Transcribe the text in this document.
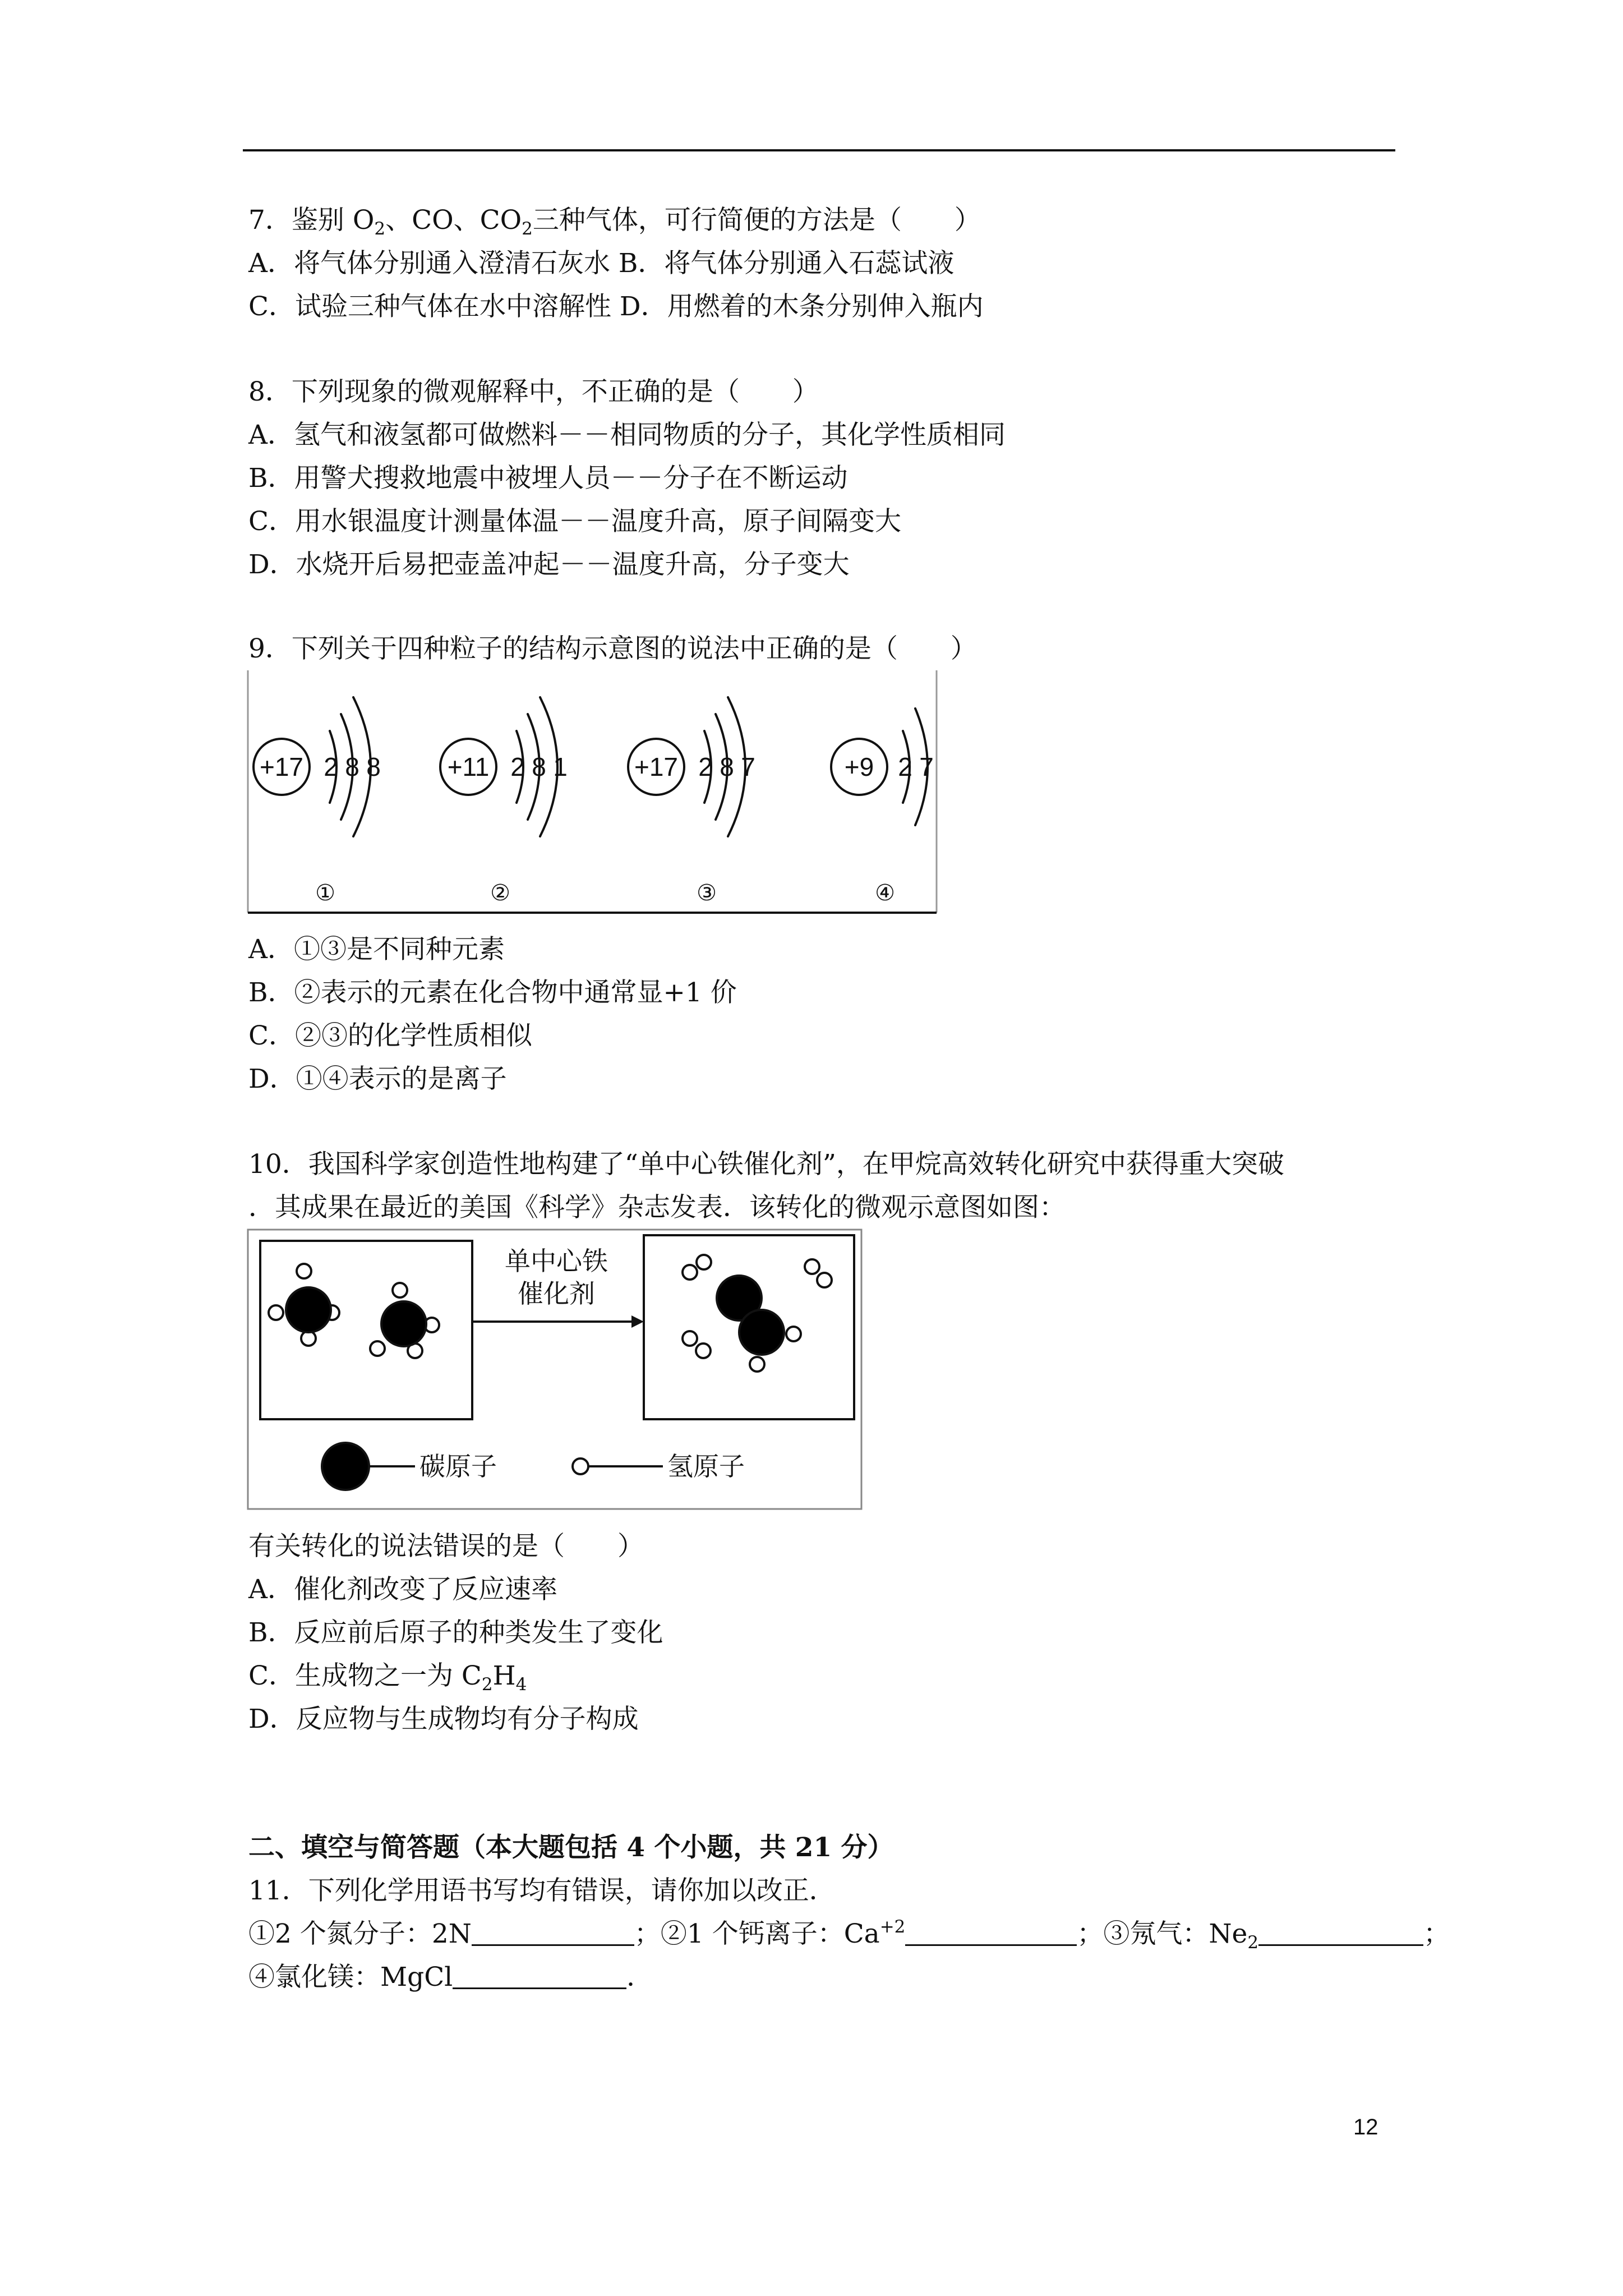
7．鉴别 $O_2$、CO、$CO_2$三种气体，可行简便的方法是（　　）
A．将气体分别通入澄清石灰水 B．将气体分别通入石蕊试液
C．试验三种气体在水中溶解性 D．用燃着的木条分别伸入瓶内
8．下列现象的微观解释中，不正确的是（　　）
A．氢气和液氢都可做燃料－－相同物质的分子，其化学性质相同
B．用警犬搜救地震中被埋人员－－分子在不断运动
C．用水银温度计测量体温－－温度升高，原子间隔变大
D．水烧开后易把壶盖冲起－－温度升高，分子变大
9．下列关于四种粒子的结构示意图的说法中正确的是（　　）
+17 2 8 8	+11 2 8 1	+17 2 8 7	+9 2 7
①	②	③	④
A．①③是不同种元素
B．②表示的元素在化合物中通常显+1 价
C．②③的化学性质相似
D．①④表示的是离子
10．我国科学家创造性地构建了“单中心铁催化剂”，在甲烷高效转化研究中获得重大突破
．其成果在最近的美国《科学》杂志发表．该转化的微观示意图如图：
单中心铁
催化剂
碳原子	氢原子
有关转化的说法错误的是（　　）
A．催化剂改变了反应速率
B．反应前后原子的种类发生了变化
C．生成物之一为 $C_2H_4$
D．反应物与生成物均有分子构成
二、填空与简答题（本大题包括 4 个小题，共 21 分）
11．下列化学用语书写均有错误，请你加以改正．
①2 个氮分子：2N	；②1 个钙离子：$Ca^{+2}$	；③氖气：$Ne_2$	；
④氯化镁：MgCl	．
12
